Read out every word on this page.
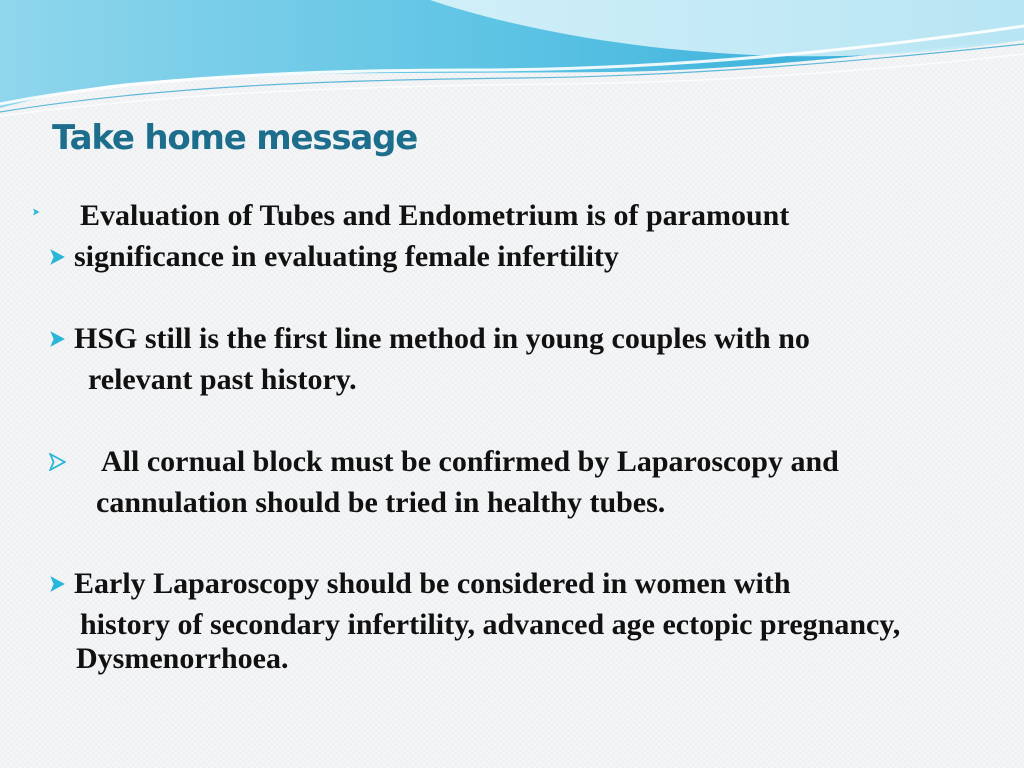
Take home message
Evaluation of Tubes and Endometrium is of paramount
significance in evaluating female infertility
HSG still is the first line method in young couples with no
relevant past history.
All cornual block must be confirmed by Laparoscopy and
cannulation should be tried in healthy tubes.
Early Laparoscopy should be considered in women with
history of secondary infertility, advanced age ectopic pregnancy,
Dysmenorrhoea.
